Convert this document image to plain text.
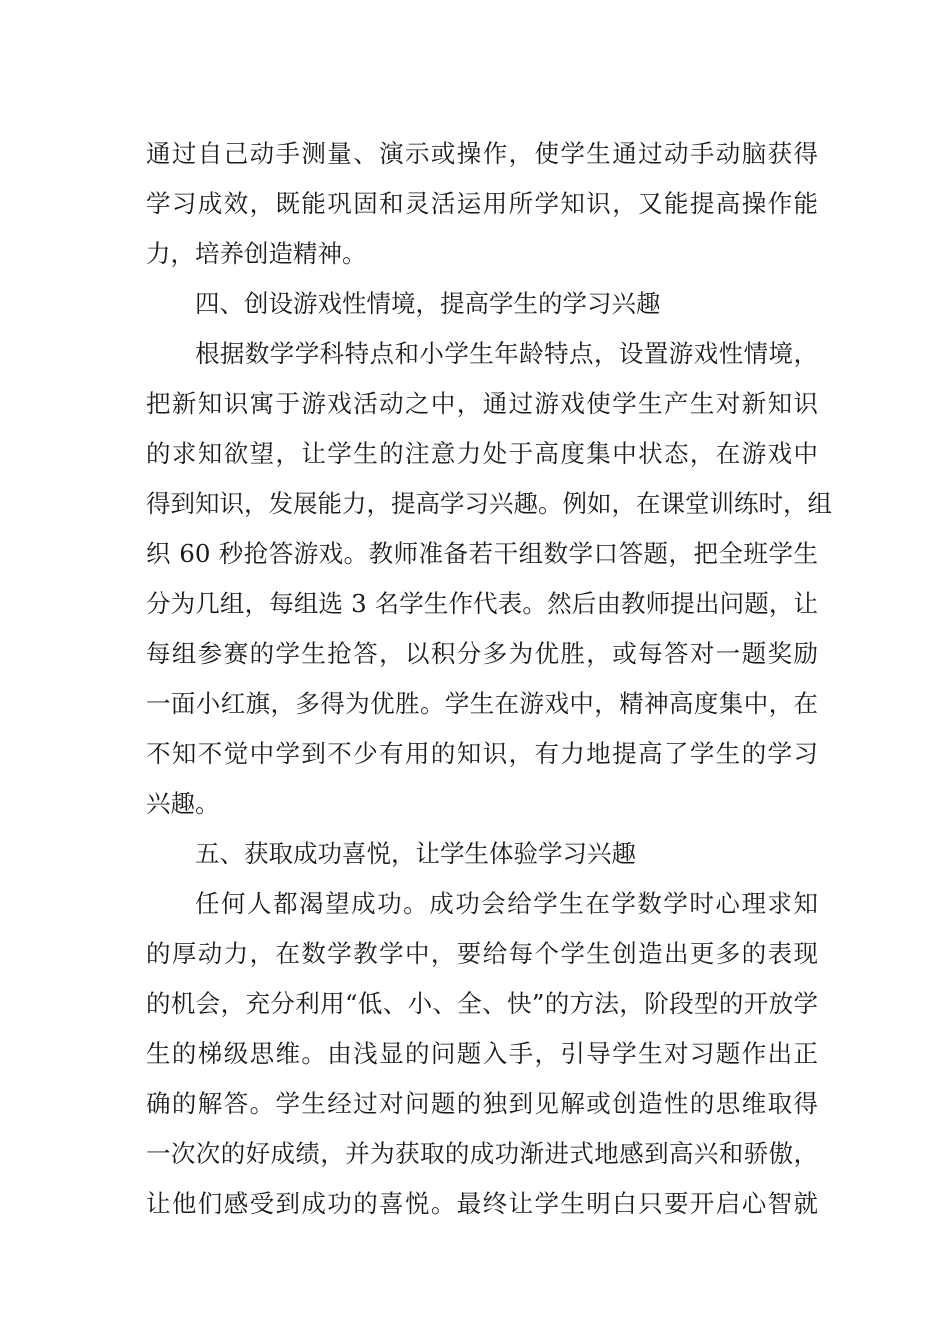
通过自己动手测量、演示或操作，使学生通过动手动脑获得
学习成效，既能巩固和灵活运用所学知识，又能提高操作能
力，培养创造精神。
四、创设游戏性情境，提高学生的学习兴趣
根据数学学科特点和小学生年龄特点，设置游戏性情境，
把新知识寓于游戏活动之中，通过游戏使学生产生对新知识
的求知欲望，让学生的注意力处于高度集中状态，在游戏中
得到知识，发展能力，提高学习兴趣。例如，在课堂训练时，组
织 60 秒抢答游戏。教师准备若干组数学口答题，把全班学生
分为几组，每组选 3 名学生作代表。然后由教师提出问题，让
每组参赛的学生抢答，以积分多为优胜，或每答对一题奖励
一面小红旗，多得为优胜。学生在游戏中，精神高度集中，在
不知不觉中学到不少有用的知识，有力地提高了学生的学习
兴趣。
五、获取成功喜悦，让学生体验学习兴趣
任何人都渴望成功。成功会给学生在学数学时心理求知
的厚动力，在数学教学中，要给每个学生创造出更多的表现
的机会，充分利用“低、小、全、快”的方法，阶段型的开放学
生的梯级思维。由浅显的问题入手，引导学生对习题作出正
确的解答。学生经过对问题的独到见解或创造性的思维取得
一次次的好成绩，并为获取的成功渐进式地感到高兴和骄傲，
让他们感受到成功的喜悦。最终让学生明白只要开启心智就
